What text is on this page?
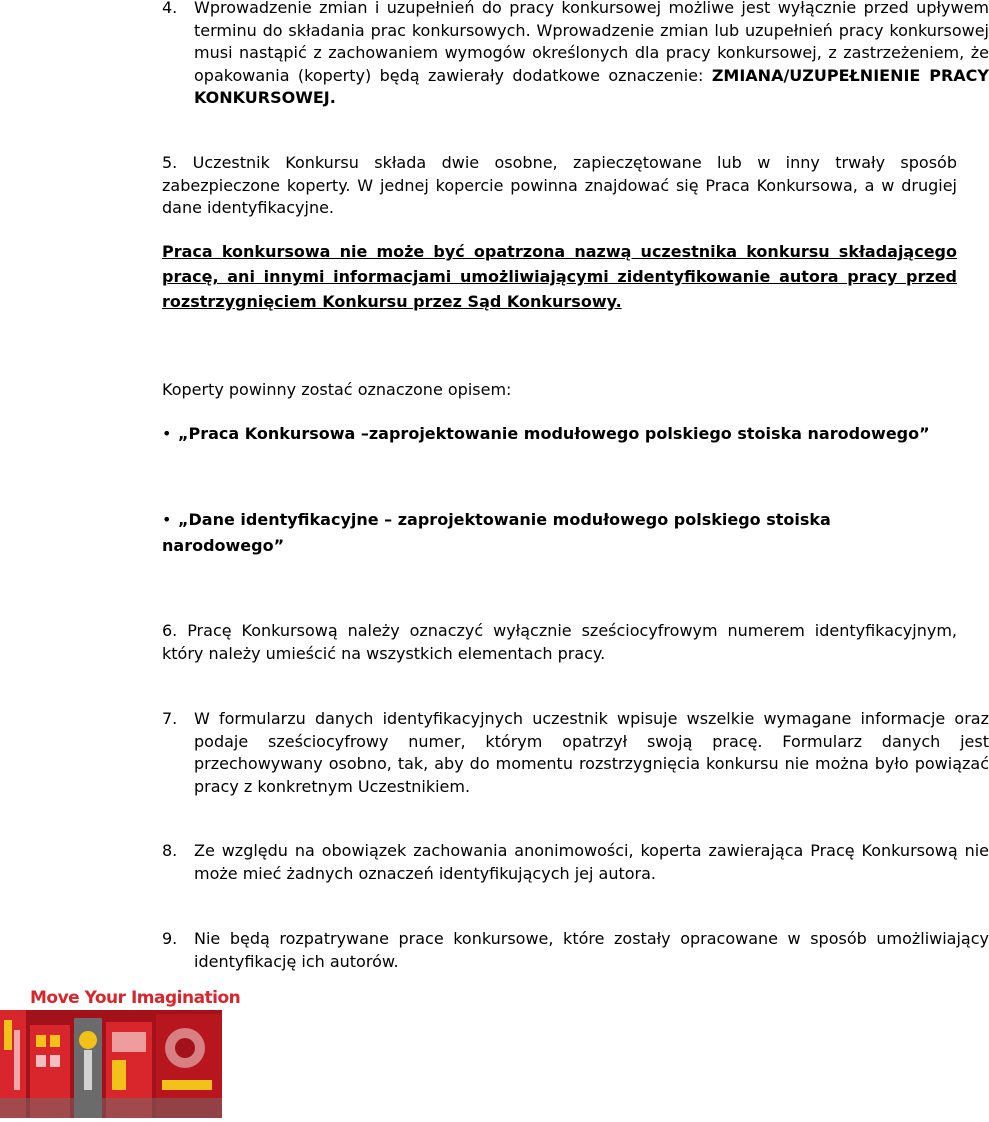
4. Wprowadzenie zmian i uzupełnień do pracy konkursowej możliwe jest wyłącznie przed upływem terminu do składania prac konkursowych. Wprowadzenie zmian lub uzupełnień pracy konkursowej musi nastąpić z zachowaniem wymogów określonych dla pracy konkursowej, z zastrzeżeniem, że opakowania (koperty) będą zawierały dodatkowe oznaczenie: ZMIANA/UZUPEŁNIENIE PRACY KONKURSOWEJ.
5. Uczestnik Konkursu składa dwie osobne, zapieczętowane lub w inny trwały sposób zabezpieczone koperty. W jednej kopercie powinna znajdować się Praca Konkursowa, a w drugiej dane identyfikacyjne.
Praca konkursowa nie może być opatrzona nazwą uczestnika konkursu składającego pracę, ani innymi informacjami umożliwiającymi zidentyfikowanie autora pracy przed rozstrzygnięciem Konkursu przez Sąd Konkursowy.
Koperty powinny zostać oznaczone opisem:
• „Praca Konkursowa –zaprojektowanie modułowego polskiego stoiska narodowego”
• „Dane identyfikacyjne – zaprojektowanie modułowego polskiego stoiska narodowego”
6. Pracę Konkursową należy oznaczyć wyłącznie sześciocyfrowym numerem identyfikacyjnym, który należy umieścić na wszystkich elementach pracy.
7. W formularzu danych identyfikacyjnych uczestnik wpisuje wszelkie wymagane informacje oraz podaje sześciocyfrowy numer, którym opatrzył swoją pracę. Formularz danych jest przechowywany osobno, tak, aby do momentu rozstrzygnięcia konkursu nie można było powiązać pracy z konkretnym Uczestnikiem.
8. Ze względu na obowiązek zachowania anonimowości, koperta zawierająca Pracę Konkursową nie może mieć żadnych oznaczeń identyfikujących jej autora.
9. Nie będą rozpatrywane prace konkursowe, które zostały opracowane w sposób umożliwiający identyfikację ich autorów.
Move Your Imagination
